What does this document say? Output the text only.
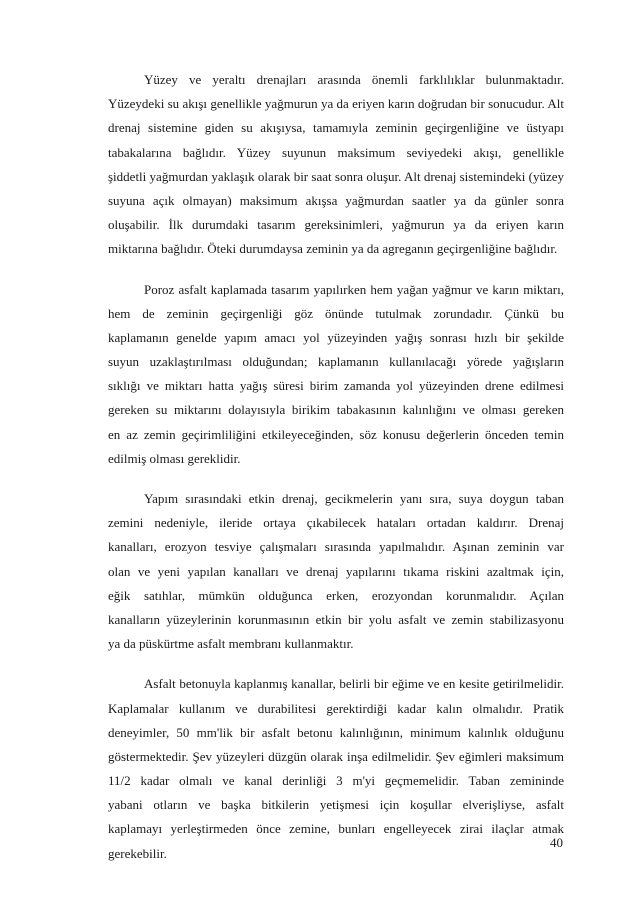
Yüzey ve yeraltı drenajları arasında önemli farklılıklar bulunmaktadır.
Yüzeydeki su akışı genellikle yağmurun ya da eriyen karın doğrudan bir sonucudur. Alt
drenaj sistemine giden su akışıysa, tamamıyla zeminin geçirgenliğine ve üstyapı
tabakalarına bağlıdır. Yüzey suyunun maksimum seviyedeki akışı, genellikle
şiddetli yağmurdan yaklaşık olarak bir saat sonra oluşur. Alt drenaj sistemindeki (yüzey
suyuna açık olmayan) maksimum akışsa yağmurdan saatler ya da günler sonra
oluşabilir. İlk durumdaki tasarım gereksinimleri, yağmurun ya da eriyen karın
miktarına bağlıdır. Öteki durumdaysa zeminin ya da agreganın geçirgenliğine bağlıdır.
Poroz asfalt kaplamada tasarım yapılırken hem yağan yağmur ve karın miktarı,
hem de zeminin geçirgenliği göz önünde tutulmak zorundadır. Çünkü bu
kaplamanın genelde yapım amacı yol yüzeyinden yağış sonrası hızlı bir şekilde
suyun uzaklaştırılması olduğundan; kaplamanın kullanılacağı yörede yağışların
sıklığı ve miktarı hatta yağış süresi birim zamanda yol yüzeyinden drene edilmesi
gereken su miktarını dolayısıyla birikim tabakasının kalınlığını ve olması gereken
en az zemin geçirimliliğini etkileyeceğinden, söz konusu değerlerin önceden temin
edilmiş olması gereklidir.
Yapım sırasındaki etkin drenaj, gecikmelerin yanı sıra, suya doygun taban
zemini nedeniyle, ileride ortaya çıkabilecek hataları ortadan kaldırır. Drenaj
kanalları, erozyon tesviye çalışmaları sırasında yapılmalıdır. Aşınan zeminin var
olan ve yeni yapılan kanalları ve drenaj yapılarını tıkama riskini azaltmak için,
eğik satıhlar, mümkün olduğunca erken, erozyondan korunmalıdır. Açılan
kanalların yüzeylerinin korunmasının etkin bir yolu asfalt ve zemin stabilizasyonu
ya da püskürtme asfalt membranı kullanmaktır.
Asfalt betonuyla kaplanmış kanallar, belirli bir eğime ve en kesite getirilmelidir.
Kaplamalar kullanım ve durabilitesi gerektirdiği kadar kalın olmalıdır. Pratik
deneyimler, 50 mm'lik bir asfalt betonu kalınlığının, minimum kalınlık olduğunu
göstermektedir. Şev yüzeyleri düzgün olarak inşa edilmelidir. Şev eğimleri maksimum
11/2 kadar olmalı ve kanal derinliği 3 m'yi geçmemelidir. Taban zemininde
yabani otların ve başka bitkilerin yetişmesi için koşullar elverişliyse, asfalt
kaplamayı yerleştirmeden önce zemine, bunları engelleyecek zirai ilaçlar atmak
gerekebilir.
40
